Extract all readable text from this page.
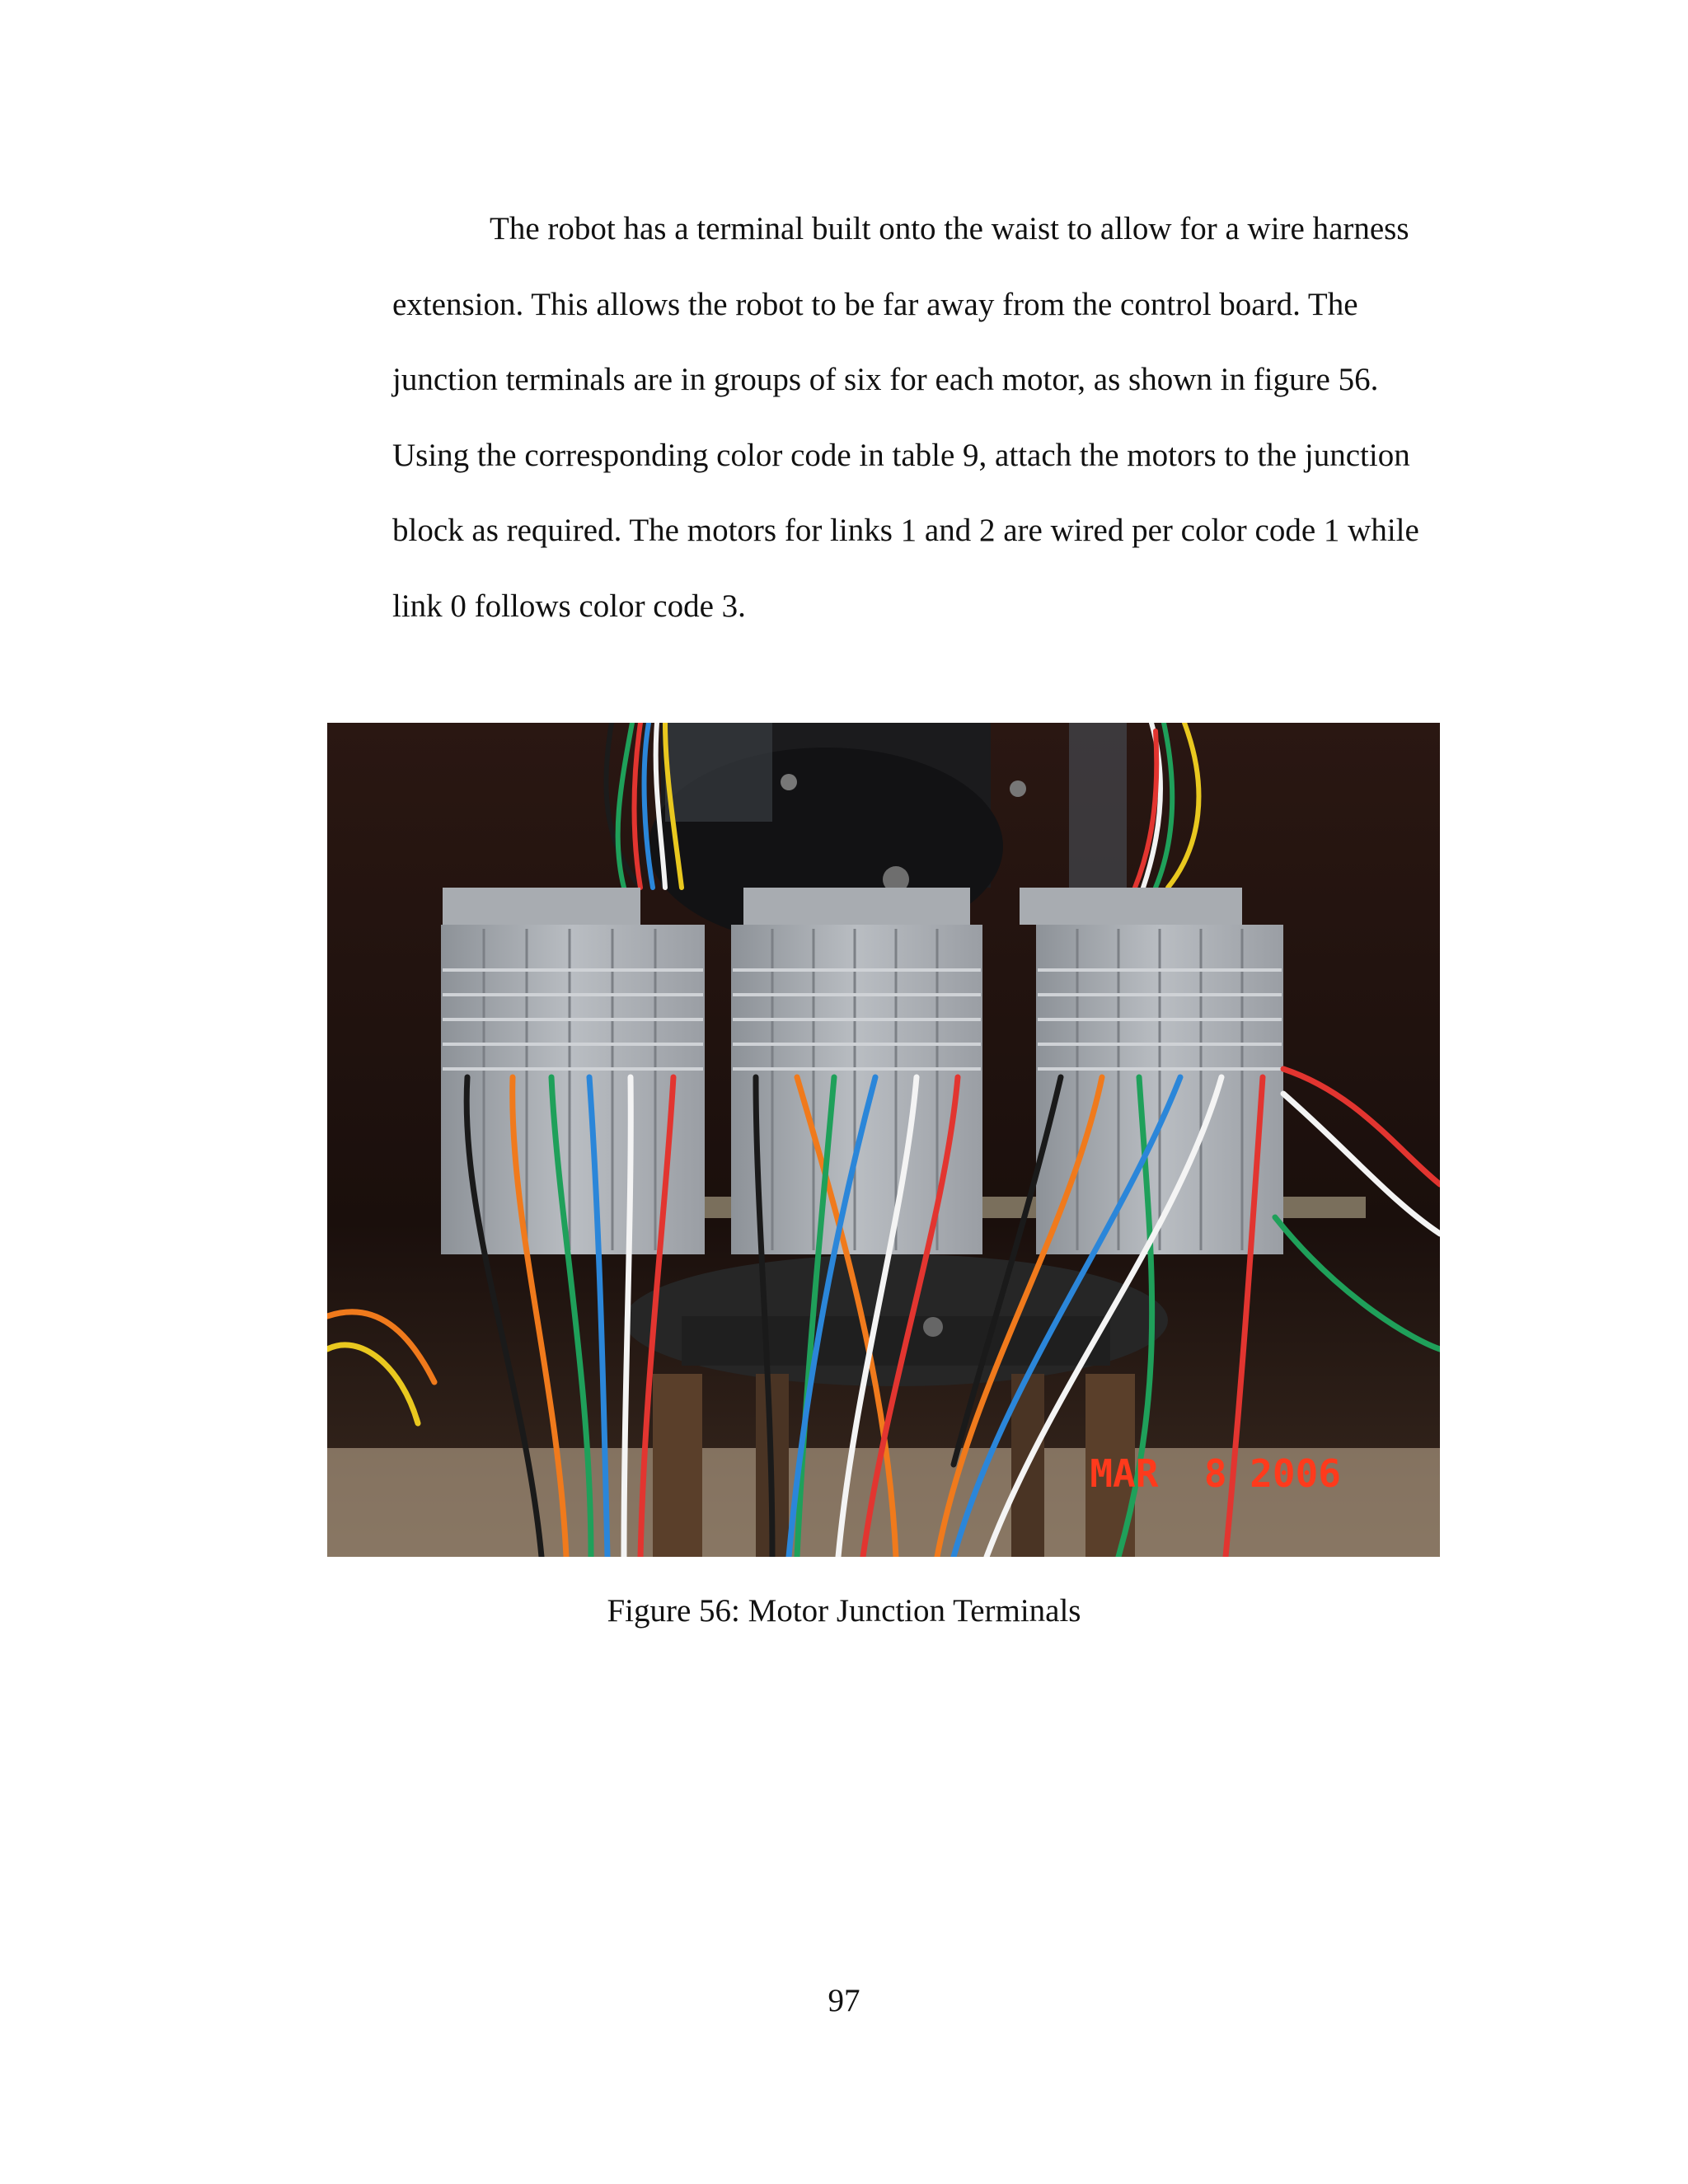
The robot has a terminal built onto the waist to allow for a wire harness
extension. This allows the robot to be far away from the control board. The
junction terminals are in groups of six for each motor, as shown in figure 56.
Using the corresponding color code in table 9, attach the motors to the junction
block as required. The motors for links 1 and 2 are wired per color code 1 while
link 0 follows color code 3.

MAR  8 2006
Figure 56: Motor Junction Terminals
97
